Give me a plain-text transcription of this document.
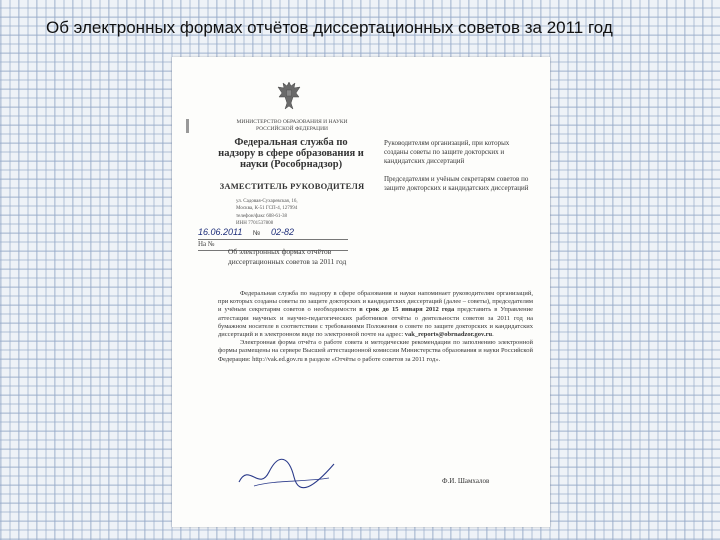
Об электронных формах отчётов диссертационных советов за 2011 год
МИНИСТЕРСТВО ОБРАЗОВАНИЯ И НАУКИ РОССИЙСКОЙ ФЕДЕРАЦИИ
Федеральная служба по надзору в сфере образования и науки (Рособрнадзор)
ЗАМЕСТИТЕЛЬ РУКОВОДИТЕЛЯ
ул. Садовая-Сухаревская, 16,
Москва, К-51 ГСП-4, 127994
телефон/факс 608-61-38
ИНН 7701537808
16.06.2011 № 02-82
На №

Руководителям организаций, при которых созданы советы по защите докторских и кандидатских диссертаций

Председателям и учёным секретарям советов по защите докторских и кандидатских диссертаций

Об электронных формах отчётов
диссертационных советов за 2011 год

Федеральная служба по надзору в сфере образования и науки напоминает руководителям организаций, при которых созданы советы по защите докторских и кандидатских диссертаций (далее – советы), председателям и учёным секретарям советов о необходимости в срок до 15 января 2012 года представить в Управление аттестации научных и научно-педагогических работников отчёты о деятельности советов за 2011 год на бумажном носителе в соответствии с требованиями Положения о совете по защите докторских и кандидатских диссертаций и в электронном виде по электронной почте на адрес: vak_reports@obrnadzor.gov.ru.

Электронная форма отчёта о работе совета и методические рекомендации по заполнению электронной формы размещены на сервере Высшей аттестационной комиссии Министерства образования и науки Российской Федерации: http://vak.ed.gov.ru в разделе «Отчёты о работе советов за 2011 год».

Ф.И. Шамхалов
